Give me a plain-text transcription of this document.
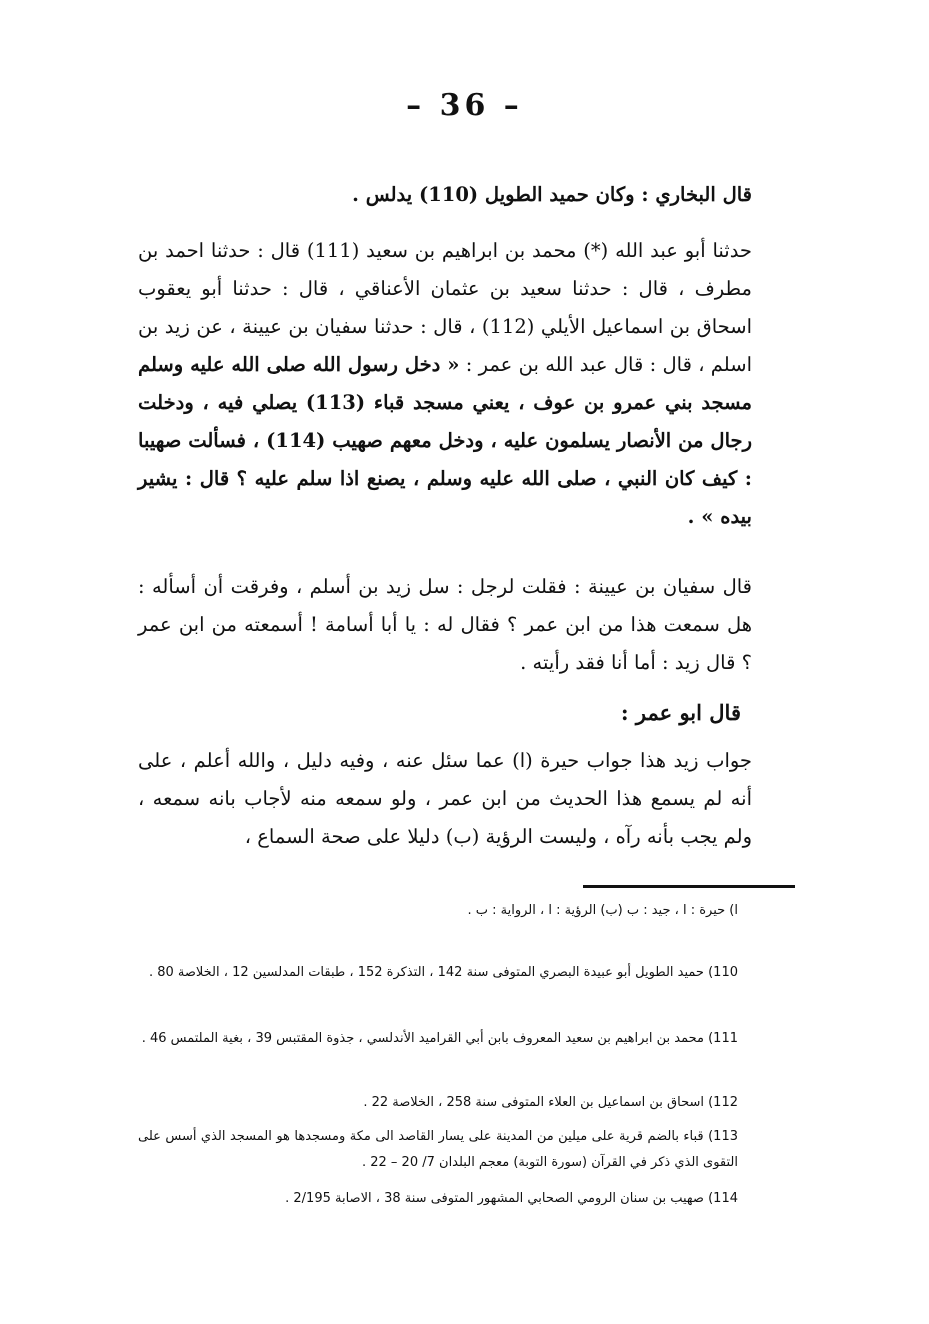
– 36 –

قال البخاري : وكان حميد الطويل (110) يدلس .

حدثنا أبو عبد الله (*) محمد بن ابراهيم بن سعيد (111) قال : حدثنا احمد بن مطرف ، قال : حدثنا سعيد بن عثمان الأعناقي ، قال : حدثنا أبو يعقوب اسحاق بن اسماعيل الأيلي (112) ، قال : حدثنا سفيان بن عيينة ، عن زيد بن اسلم ، قال : قال عبد الله بن عمر : « دخل رسول الله صلى الله عليه وسلم مسجد بني عمرو بن عوف ، يعني مسجد قباء (113) يصلي فيه ، ودخلت رجال من الأنصار يسلمون عليه ، ودخل معهم صهيب (114) ، فسألت صهيبا : كيف كان النبي ، صلى الله عليه وسلم ، يصنع اذا سلم عليه ؟ قال : يشير بيده » .

قال سفيان بن عيينة : فقلت لرجل : سل زيد بن أسلم ، وفرقت أن أسأله : هل سمعت هذا من ابن عمر ؟ فقال له : يا أبا أسامة ! أسمعته من ابن عمر ؟ قال زيد : أما أنا فقد رأيته .

قال ابو عمر :

جواب زيد هذا جواب حيرة (ا) عما سئل عنه ، وفيه دليل ، والله أعلم ، على أنه لم يسمع هذا الحديث من ابن عمر ، ولو سمعه منه لأجاب بانه سمعه ، ولم يجب بأنه رآه ، وليست الرؤية (ب) دليلا على صحة السماع ،

ا) حيرة : ا ، جيد : ب (ب) الرؤية : ا ، الرواية : ب .

110) حميد الطويل أبو عبيدة البصري المتوفى سنة 142 ، التذكرة 152 ، طبقات المدلسين 12 ، الخلاصة 80 .

111) محمد بن ابراهيم بن سعيد المعروف بابن أبي القراميد الأندلسي ، جذوة المقتبس 39 ، بغية الملتمس 46 .

112) اسحاق بن اسماعيل بن العلاء المتوفى سنة 258 ، الخلاصة 22 .

113) قباء بالضم قرية على ميلين من المدينة على يسار القاصد الى مكة ومسجدها هو المسجد الذي أسس على التقوى الذي ذكر في القرآن (سورة التوبة) معجم البلدان 7/ 20 – 22 .

114) صهيب بن سنان الرومي الصحابي المشهور المتوفى سنة 38 ، الاصابة 2/195 .
